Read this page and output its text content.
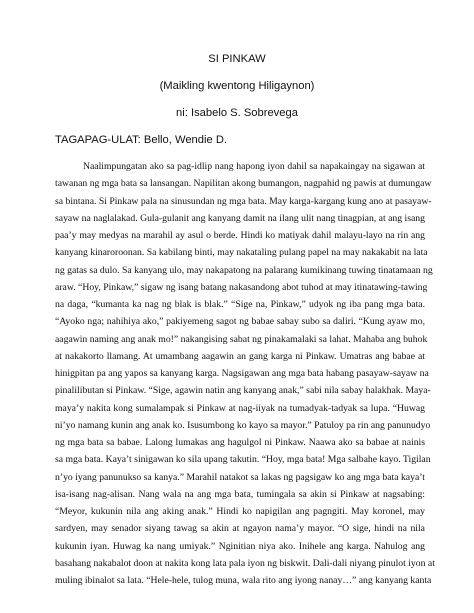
SI PINKAW
(Maikling kwentong Hiligaynon)
ni: Isabelo S. Sobrevega
TAGAPAG-ULAT: Bello, Wendie D.
Naalimpungatan ako sa pag-idlip nang hapong iyon dahil sa napakaingay na sigawan at
tawanan ng mga bata sa lansangan. Napilitan akong bumangon, nagpahid ng pawis at dumungaw
sa bintana. Si Pinkaw pala na sinusundan ng mga bata. May karga-kargang kung ano at pasayaw-
sayaw na naglalakad. Gula-gulanit ang kanyang damit na ilang ulit nang tinagpian, at ang isang
paa’y may medyas na marahil ay asul o berde. Hindi ko matiyak dahil malayu-layo na rin ang
kanyang kinaroroonan. Sa kabilang binti, may nakataling pulang papel na may nakakabit na lata
ng gatas sa dulo. Sa kanyang ulo, may nakapatong na palarang kumikinang tuwing tinatamaan ng
araw. “Hoy, Pinkaw,” sigaw ng isang batang nakasandong abot tuhod at may itinatawing-tawing
na daga, “kumanta ka nag ng blak is blak.” “Sige na, Pinkaw,” udyok ng iba pang mga bata.
“Ayoko nga; nahihiya ako,” pakiyemeng sagot ng babae sabay subo sa daliri. “Kung ayaw mo,
aagawin naming ang anak mo!” nakangising sabat ng pinakamalaki sa lahat. Mahaba ang buhok
at nakakorto llamang. At umambang aagawin an gang karga ni Pinkaw. Umatras ang babae at
hinigpitan pa ang yapos sa kanyang karga. Nagsigawan ang mga bata habang pasayaw-sayaw na
pinalilibutan si Pinkaw. “Sige, agawin natin ang kanyang anak,” sabi nila sabay halakhak. Maya-
maya’y nakita kong sumalampak si Pinkaw at nag-iiyak na tumadyak-tadyak sa lupa. “Huwag
ni’yo namang kunin ang anak ko. Isusumbong ko kayo sa mayor.” Patuloy pa rin ang panunudyo
ng mga bata sa babae. Lalong lumakas ang hagulgol ni Pinkaw. Naawa ako sa babae at nainis
sa mga bata. Kaya’t sinigawan ko sila upang takutin. “Hoy, mga bata! Mga salbahe kayo. Tigilan
n’yo iyang panunukso sa kanya.” Marahil natakot sa lakas ng pagsigaw ko ang mga bata kaya’t
isa-isang nag-alisan. Nang wala na ang mga bata, tumingala sa akin si Pinkaw at nagsabing:
“Meyor, kukunin nila ang aking anak.” Hindi ko napigilan ang pagngiti. May koronel, may
sardyen, may senador siyang tawag sa akin at ngayon nama’y mayor. “O sige, hindi na nila
kukunin iyan. Huwag ka nang umiyak.” Nginitian niya ako. Inihele ang karga. Nahulog ang
basahang nakabalot doon at nakita kong lata pala iyon ng biskwit. Dali-dali niyang pinulot iyon at
muling ibinalot sa lata. “Hele-hele, tulog muna, wala rito ang iyong nanay…” ang kanyang kanta
